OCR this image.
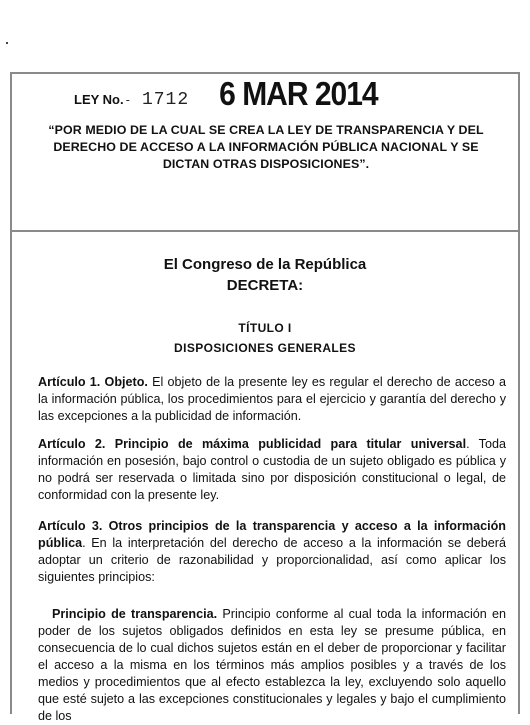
LEY No. - 1712 6 MAR 2014
“POR MEDIO DE LA CUAL SE CREA LA LEY DE TRANSPARENCIA Y DEL DERECHO DE ACCESO A LA INFORMACIÓN PÚBLICA NACIONAL Y SE DICTAN OTRAS DISPOSICIONES”.
El Congreso de la República
DECRETA:
TÍTULO I
DISPOSICIONES GENERALES
Artículo 1. Objeto. El objeto de la presente ley es regular el derecho de acceso a la información pública, los procedimientos para el ejercicio y garantía del derecho y las excepciones a la publicidad de información.
Artículo 2. Principio de máxima publicidad para titular universal. Toda información en posesión, bajo control o custodia de un sujeto obligado es pública y no podrá ser reservada o limitada sino por disposición constitucional o legal, de conformidad con la presente ley.
Artículo 3. Otros principios de la transparencia y acceso a la información pública. En la interpretación del derecho de acceso a la información se deberá adoptar un criterio de razonabilidad y proporcionalidad, así como aplicar los siguientes principios:
Principio de transparencia. Principio conforme al cual toda la información en poder de los sujetos obligados definidos en esta ley se presume pública, en consecuencia de lo cual dichos sujetos están en el deber de proporcionar y facilitar el acceso a la misma en los términos más amplios posibles y a través de los medios y procedimientos que al efecto establezca la ley, excluyendo solo aquello que esté sujeto a las excepciones constitucionales y legales y bajo el cumplimiento de los
